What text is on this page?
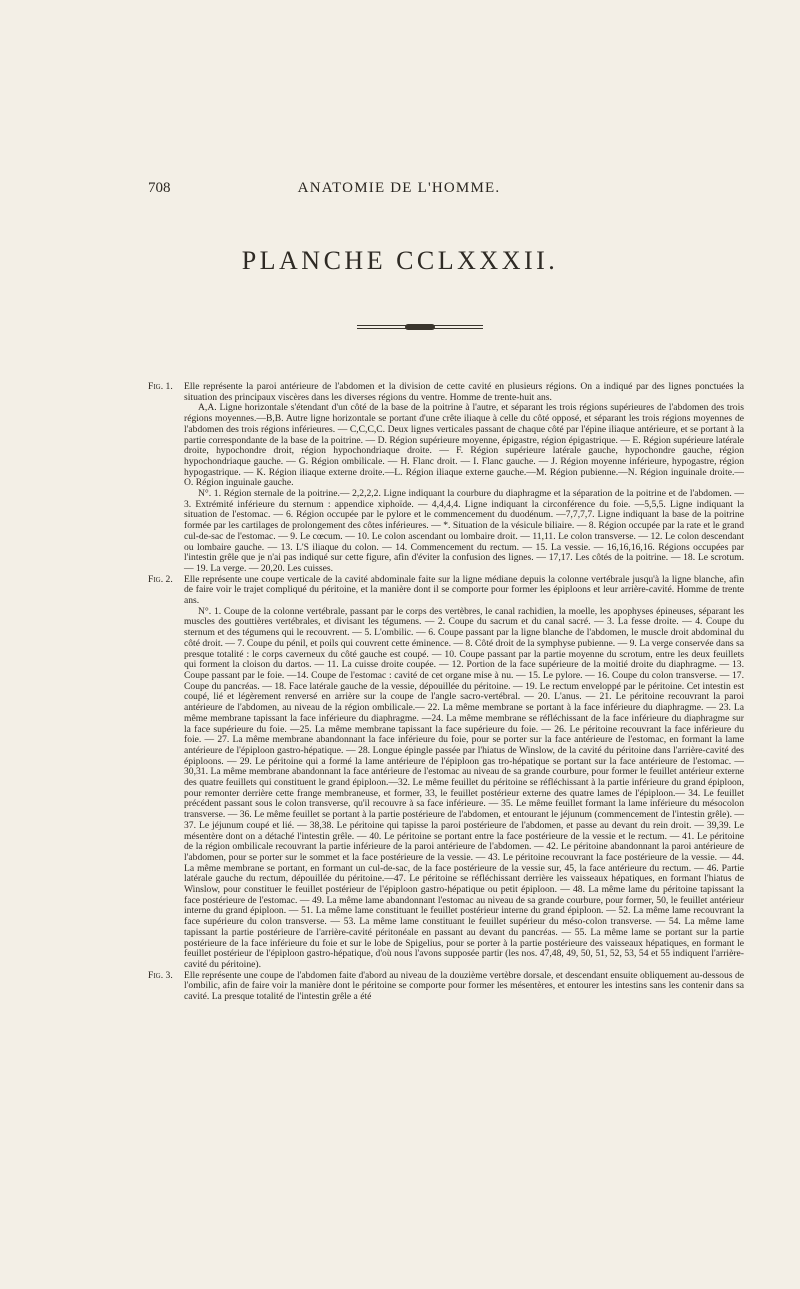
708	ANATOMIE DE L'HOMME.
PLANCHE CCLXXXII.
Fig. 1.	Elle représente la paroi antérieure de l'abdomen et la division de cette cavité en plusieurs régions. On a indiqué par des lignes ponctuées la situation des principaux viscères dans les diverses régions du ventre. Homme de trente-huit ans.

A,A. Ligne horizontale s'étendant d'un côté de la base de la poitrine à l'autre, et séparant les trois régions supérieures de l'abdomen des trois régions moyennes.—B,B. Autre ligne horizontale se portant d'une crête iliaque à celle du côté opposé, et séparant les trois régions moyennes de l'abdomen des trois régions inférieures. — C,C,C,C. Deux lignes verticales passant de chaque côté par l'épine iliaque antérieure, et se portant à la partie correspondante de la base de la poitrine. — D. Région supérieure moyenne, épigastre, région épigastrique. — E. Région supérieure latérale droite, hypochondre droit, région hypochondriaque droite. — F. Région supérieure latérale gauche, hypochondre gauche, région hypochondriaque gauche. — G. Région ombilicale. — H. Flanc droit. — I. Flanc gauche. — J. Région moyenne inférieure, hypogastre, région hypogastrique. — K. Région iliaque externe droite.—L. Région iliaque externe gauche.—M. Région pubienne.—N. Région inguinale droite.— O. Région inguinale gauche.

N°. 1. Région sternale de la poitrine.— 2,2,2,2. Ligne indiquant la courbure du diaphragme et la séparation de la poitrine et de l'abdomen. — 3. Extrémité inférieure du sternum : appendice xiphoïde. — 4,4,4,4. Ligne indiquant la circonférence du foie. —5,5,5. Ligne indiquant la situation de l'estomac. — 6. Région occupée par le pylore et le commencement du duodénum. —7,7,7,7. Ligne indiquant la base de la poitrine formée par les cartilages de prolongement des côtes inférieures. — *. Situation de la vésicule biliaire. — 8. Région occupée par la rate et le grand cul-de-sac de l'estomac. — 9. Le cœcum. — 10. Le colon ascendant ou lombaire droit. — 11,11. Le colon transverse. — 12. Le colon descendant ou lombaire gauche. — 13. L'S iliaque du colon. — 14. Commencement du rectum. — 15. La vessie. — 16,16,16,16. Régions occupées par l'intestin grêle que je n'ai pas indiqué sur cette figure, afin d'éviter la confusion des lignes. — 17,17. Les côtés de la poitrine. — 18. Le scrotum. — 19. La verge. — 20,20. Les cuisses.

Fig. 2.	Elle représente une coupe verticale de la cavité abdominale faite sur la ligne médiane depuis la colonne vertébrale jusqu'à la ligne blanche, afin de faire voir le trajet compliqué du péritoine, et la manière dont il se comporte pour former les épiploons et leur arrière-cavité. Homme de trente ans.

N°. 1. Coupe de la colonne vertébrale, passant par le corps des vertèbres, le canal rachidien, la moelle, les apophyses épineuses, séparant les muscles des gouttières vertébrales, et divisant les tégumens. — 2. Coupe du sacrum et du canal sacré. — 3. La fesse droite. — 4. Coupe du sternum et des tégumens qui le recouvrent. — 5. L'ombilic. — 6. Coupe passant par la ligne blanche de l'abdomen, le muscle droit abdominal du côté droit. — 7. Coupe du pénil, et poils qui couvrent cette éminence. — 8. Côté droit de la symphyse pubienne. — 9. La verge conservée dans sa presque totalité : le corps caverneux du côté gauche est coupé. — 10. Coupe passant par la partie moyenne du scrotum, entre les deux feuillets qui forment la cloison du dartos. — 11. La cuisse droite coupée. — 12. Portion de la face supérieure de la moitié droite du diaphragme. — 13. Coupe passant par le foie. —14. Coupe de l'estomac : cavité de cet organe mise à nu. — 15. Le pylore. — 16. Coupe du colon transverse. — 17. Coupe du pancréas. — 18. Face latérale gauche de la vessie, dépouillée du péritoine. — 19. Le rectum enveloppé par le péritoine. Cet intestin est coupé, lié et légèrement renversé en arrière sur la coupe de l'angle sacro-vertébral. — 20. L'anus. — 21. Le péritoine recouvrant la paroi antérieure de l'abdomen, au niveau de la région ombilicale.— 22. La même membrane se portant à la face inférieure du diaphragme. — 23. La même membrane tapissant la face inférieure du diaphragme. —24. La même membrane se réfléchissant de la face inférieure du diaphragme sur la face supérieure du foie. —25. La même membrane tapissant la face supérieure du foie. — 26. Le péritoine recouvrant la face inférieure du foie. — 27. La même membrane abandonnant la face inférieure du foie, pour se porter sur la face antérieure de l'estomac, en formant la lame antérieure de l'épiploon gastro-hépatique. — 28. Longue épingle passée par l'hiatus de Winslow, de la cavité du péritoine dans l'arrière-cavité des épiploons. — 29. Le péritoine qui a formé la lame antérieure de l'épiploon gas tro-hépatique se portant sur la face antérieure de l'estomac. — 30,31. La même membrane abandonnant la face antérieure de l'estomac au niveau de sa grande courbure, pour former le feuillet antérieur externe des quatre feuillets qui constituent le grand épiploon.—32. Le même feuillet du péritoine se réfléchissant à la partie inférieure du grand épiploon, pour remonter derrière cette frange membraneuse, et former, 33, le feuillet postérieur externe des quatre lames de l'épiploon.— 34. Le feuillet précédent passant sous le colon transverse, qu'il recouvre à sa face inférieure. — 35. Le même feuillet formant la lame inférieure du mésocolon transverse. — 36. Le même feuillet se portant à la partie postérieure de l'abdomen, et entourant le jéjunum (commencement de l'intestin grêle). — 37. Le jéjunum coupé et lié. — 38,38. Le péritoine qui tapisse la paroi postérieure de l'abdomen, et passe au devant du rein droit. — 39,39. Le mésentère dont on a détaché l'intestin grêle. — 40. Le péritoine se portant entre la face postérieure de la vessie et le rectum. — 41. Le péritoine de la région ombilicale recouvrant la partie inférieure de la paroi antérieure de l'abdomen. — 42. Le péritoine abandonnant la paroi antérieure de l'abdomen, pour se porter sur le sommet et la face postérieure de la vessie. — 43. Le péritoine recouvrant la face postérieure de la vessie. — 44. La même membrane se portant, en formant un cul-de-sac, de la face postérieure de la vessie sur, 45, la face antérieure du rectum. — 46. Partie latérale gauche du rectum, dépouillée du péritoine.—47. Le péritoine se réfléchissant derrière les vaisseaux hépatiques, en formant l'hiatus de Winslow, pour constituer le feuillet postérieur de l'épiploon gastro-hépatique ou petit épiploon. — 48. La même lame du péritoine tapissant la face postérieure de l'estomac. — 49. La même lame abandonnant l'estomac au niveau de sa grande courbure, pour former, 50, le feuillet antérieur interne du grand épiploon. — 51. La même lame constituant le feuillet postérieur interne du grand épiploon. — 52. La même lame recouvrant la face supérieure du colon transverse. — 53. La même lame constituant le feuillet supérieur du méso-colon transverse. — 54. La même lame tapissant la partie postérieure de l'arrière-cavité péritonéale en passant au devant du pancréas. — 55. La même lame se portant sur la partie postérieure de la face inférieure du foie et sur le lobe de Spigelius, pour se porter à la partie postérieure des vaisseaux hépatiques, en formant le feuillet postérieur de l'épiploon gastro-hépatique, d'où nous l'avons supposée partir (les nos. 47,48, 49, 50, 51, 52, 53, 54 et 55 indiquent l'arrière-cavité du péritoine).

Fig. 3.	Elle représente une coupe de l'abdomen faite d'abord au niveau de la douzième vertèbre dorsale, et descendant ensuite obliquement au-dessous de l'ombilic, afin de faire voir la manière dont le péritoine se comporte pour former les mésentères, et entourer les intestins sans les contenir dans sa cavité. La presque totalité de l'intestin grêle a été
